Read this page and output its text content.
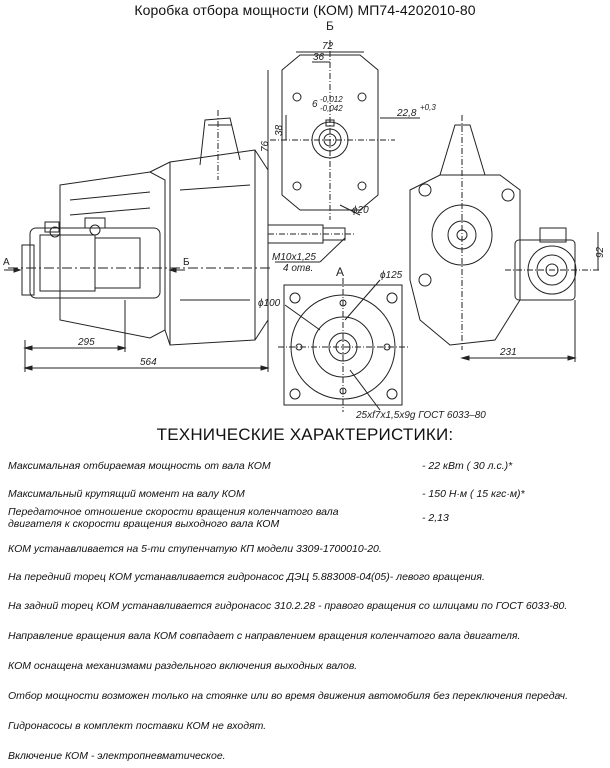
Коробка отбора мощности (КОМ) МП74-4202010-80
Б
А
А	Б
72
36
-0,012
-0,042
6
38
76
22,8
+0,3
ϕ20
M10x1,25
4 отв.
ϕ125
ϕ100
295
564
92
231
25xf7x1,5x9g ГОСТ 6033–80
ТЕХНИЧЕСКИЕ ХАРАКТЕРИСТИКИ:
Максимальная отбираемая мощность от вала КОМ	- 22 кВт ( 30 л.с.)*
Максимальный крутящий момент на валу КОМ	- 150 Н·м ( 15 кгс·м)*
Передаточное отношение скорости вращения коленчатого вала двигателя к скорости вращения выходного вала КОМ	- 2,13
КОМ устанавливается на 5-ти ступенчатую КП модели 3309-1700010-20.
На передний торец КОМ устанавливается гидронасос ДЭЦ 5.883008-04(05)- левого вращения.
На задний торец КОМ устанавливается гидронасос 310.2.28 - правого вращения со шлицами по ГОСТ 6033-80.
Направление вращения вала КОМ совпадает с направлением вращения коленчатого вала двигателя.
КОМ оснащена механизмами раздельного включения выходных валов.
Отбор мощности возможен только на стоянке или во время движения автомобиля без переключения передач.
Гидронасосы в комплект поставки КОМ не входят.
Включение КОМ - электропневматическое.
